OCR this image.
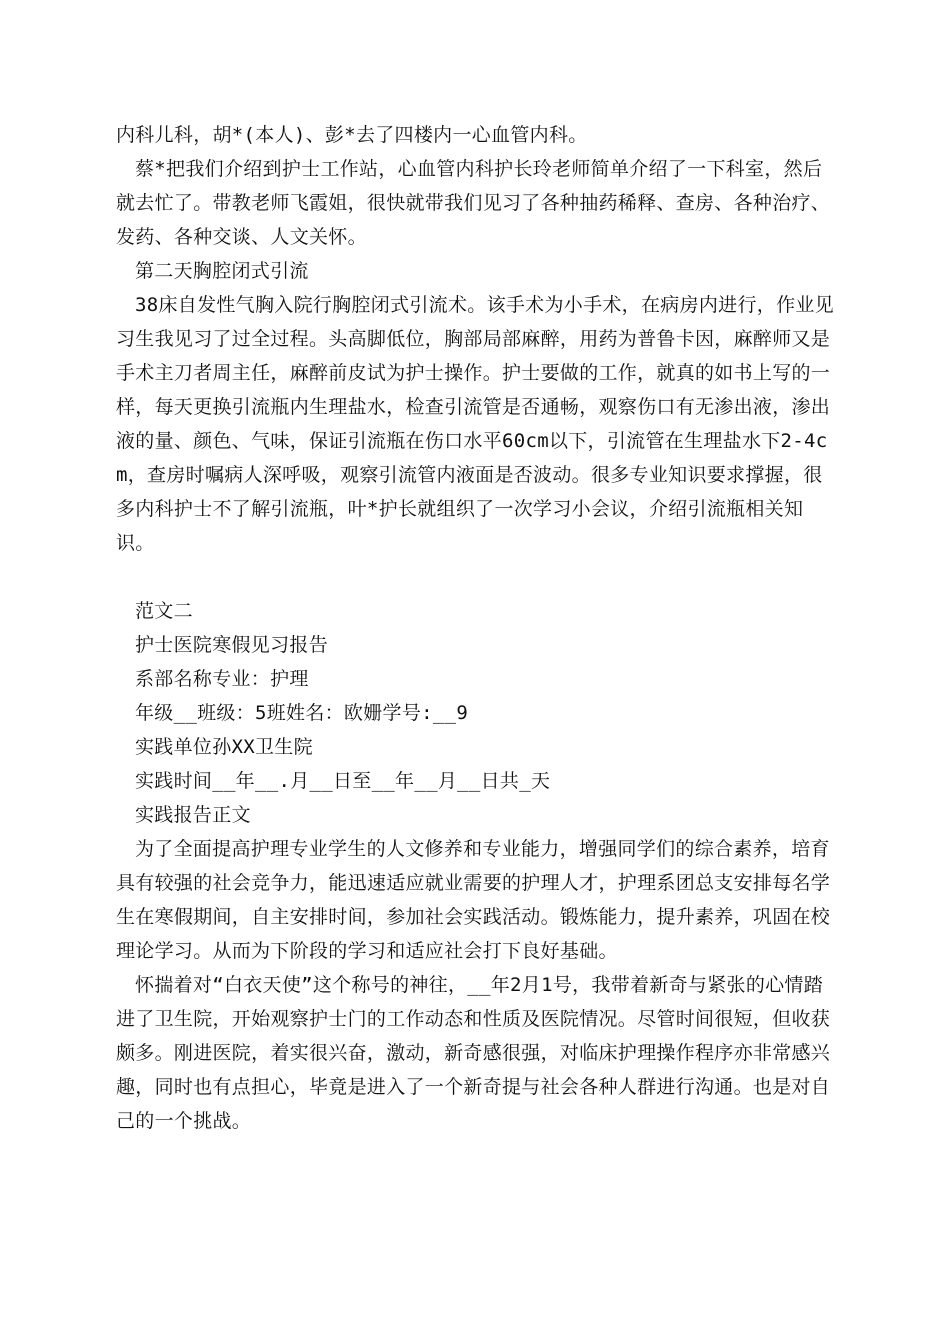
内科儿科，胡*(本人)、彭*去了四楼内一心血管内科。

蔡*把我们介绍到护士工作站，心血管内科护长玲老师简单介绍了一下科室，然后就去忙了。带教老师飞霞姐，很快就带我们见习了各种抽药稀释、查房、各种治疗、发药、各种交谈、人文关怀。

第二天胸腔闭式引流

38床自发性气胸入院行胸腔闭式引流术。该手术为小手术，在病房内进行，作业见习生我见习了过全过程。头高脚低位，胸部局部麻醉，用药为普鲁卡因，麻醉师又是手术主刀者周主任，麻醉前皮试为护士操作。护士要做的工作，就真的如书上写的一样，每天更换引流瓶内生理盐水，检查引流管是否通畅，观察伤口有无渗出液，渗出液的量、颜色、气味，保证引流瓶在伤口水平60cm以下，引流管在生理盐水下2-4cm，查房时嘱病人深呼吸，观察引流管内液面是否波动。很多专业知识要求撑握，很多内科护士不了解引流瓶，叶*护长就组织了一次学习小会议，介绍引流瓶相关知识。

范文二

护士医院寒假见习报告

系部名称专业：护理

年级__班级：5班姓名：欧姗学号:__9

实践单位孙XX卫生院

实践时间__年__.月__日至__年__月__日共_天

实践报告正文

为了全面提高护理专业学生的人文修养和专业能力，增强同学们的综合素养，培育具有较强的社会竞争力，能迅速适应就业需要的护理人才，护理系团总支安排每名学生在寒假期间，自主安排时间，参加社会实践活动。锻炼能力，提升素养，巩固在校理论学习。从而为下阶段的学习和适应社会打下良好基础。

怀揣着对“白衣天使”这个称号的神往，__年2月1号，我带着新奇与紧张的心情踏进了卫生院，开始观察护士门的工作动态和性质及医院情况。尽管时间很短，但收获颇多。刚进医院，着实很兴奋，激动，新奇感很强，对临床护理操作程序亦非常感兴趣，同时也有点担心，毕竟是进入了一个新奇提与社会各种人群进行沟通。也是对自己的一个挑战。
